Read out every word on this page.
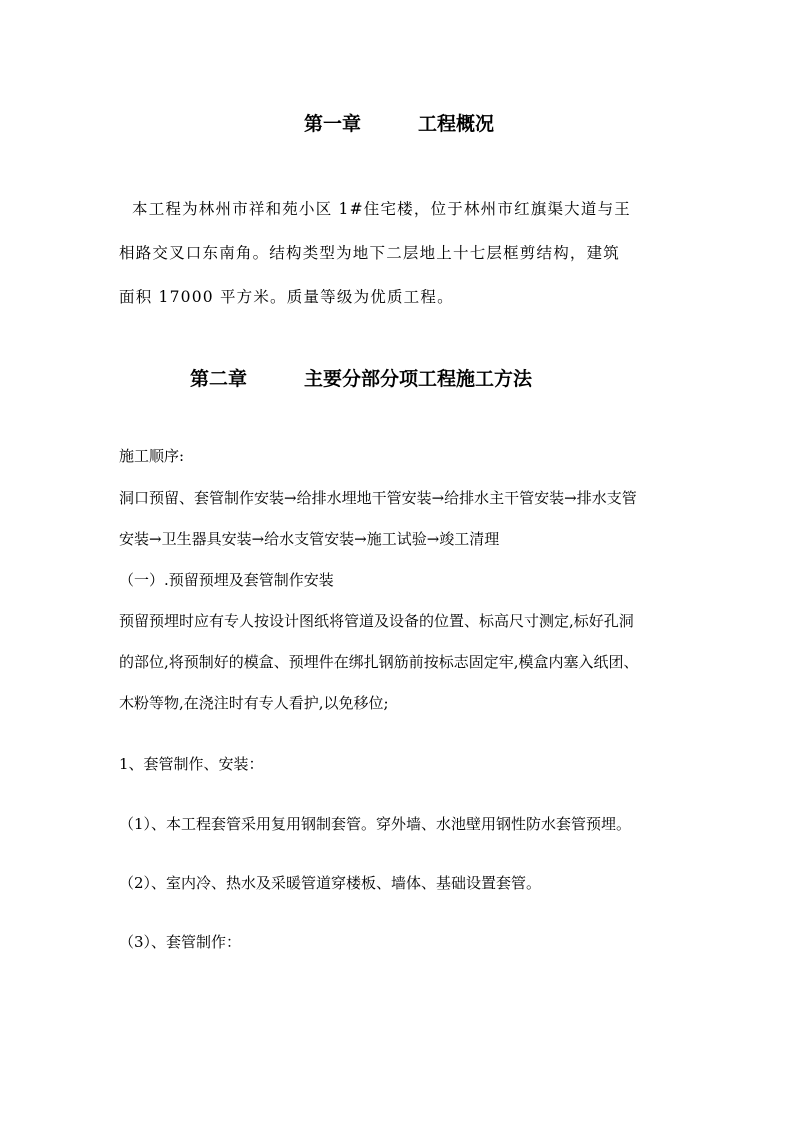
第一章	工程概况
本工程为林州市祥和苑小区 1#住宅楼，位于林州市红旗渠大道与王
相路交叉口东南角。结构类型为地下二层地上十七层框剪结构，建筑
面积 17000 平方米。质量等级为优质工程。
第二章	主要分部分项工程施工方法
施工顺序:
洞口预留、套管制作安装→给排水埋地干管安装→给排水主干管安装→排水支管
安装→卫生器具安装→给水支管安装→施工试验→竣工清理
（一）.预留预埋及套管制作安装
预留预埋时应有专人按设计图纸将管道及设备的位置、标高尺寸测定,标好孔洞
的部位,将预制好的模盒、预埋件在绑扎钢筋前按标志固定牢,模盒内塞入纸团、
木粉等物,在浇注时有专人看护,以免移位;
1、套管制作、安装：
（1）、本工程套管采用复用钢制套管。穿外墙、水池壁用钢性防水套管预埋。
（2）、室内冷、热水及采暖管道穿楼板、墙体、基础设置套管。
（3）、套管制作：
